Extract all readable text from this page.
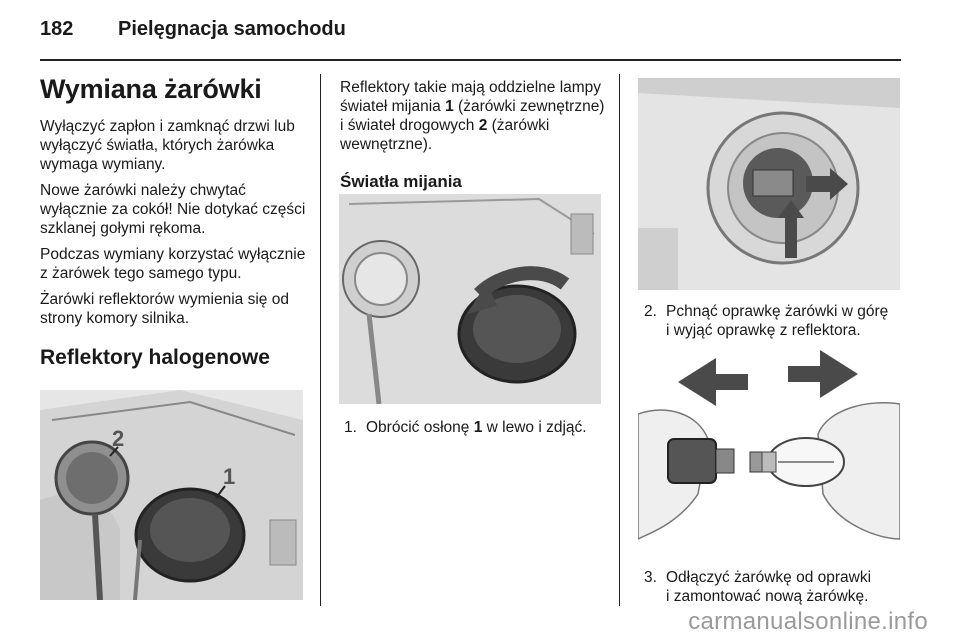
182 Pielęgnacja samochodu
Wymiana żarówki

Wyłączyć zapłon i zamknąć drzwi lub wyłączyć światła, których żarówka wymaga wymiany.

Nowe żarówki należy chwytać wyłącznie za cokół! Nie dotykać części szklanej gołymi rękoma.

Podczas wymiany korzystać wyłącznie z żarówek tego samego typu.

Żarówki reflektorów wymienia się od strony komory silnika.

Reflektory halogenowe
2
1

Reflektory takie mają oddzielne lampy świateł mijania 1 (żarówki zewnętrzne) i świateł drogowych 2 (żarówki wewnętrzne).

Światła mijania
1. Obrócić osłonę 1 w lewo i zdjąć.
2. Pchnąć oprawkę żarówki w górę
i wyjąć oprawkę z reflektora.
3. Odłączyć żarówkę od oprawki
i zamontować nową żarówkę.
carmanualsonline.info
